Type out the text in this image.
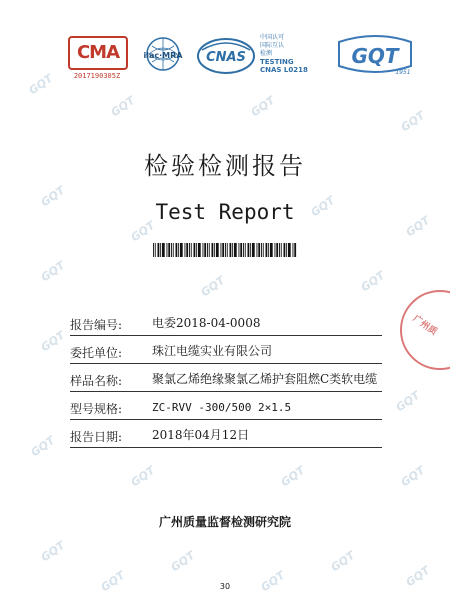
GQT
GQT	GQT
GQT
GQT
GQT
GQT
GQT
GQT
GQT	GQT
GQT
GQT
GQT
GQT	GQT	GQT
GQT
GQT
GQT
GQT
GQT
GQT
CMA
2017190305Z
ilac·MRA CNAS
中国认可
国际互认
检测
TESTING
CNAS L0218
GQT
1951
检验检测报告
Test Report
报告编号:	电委2018-04-0008
委托单位:	珠江电缆实业有限公司
样品名称:	聚氯乙烯绝缘聚氯乙烯护套阻燃C类软电缆
型号规格:	ZC-RVV -300/500 2×1.5
报告日期:	2018年04月12日
广州质
广州质量监督检测研究院
30
